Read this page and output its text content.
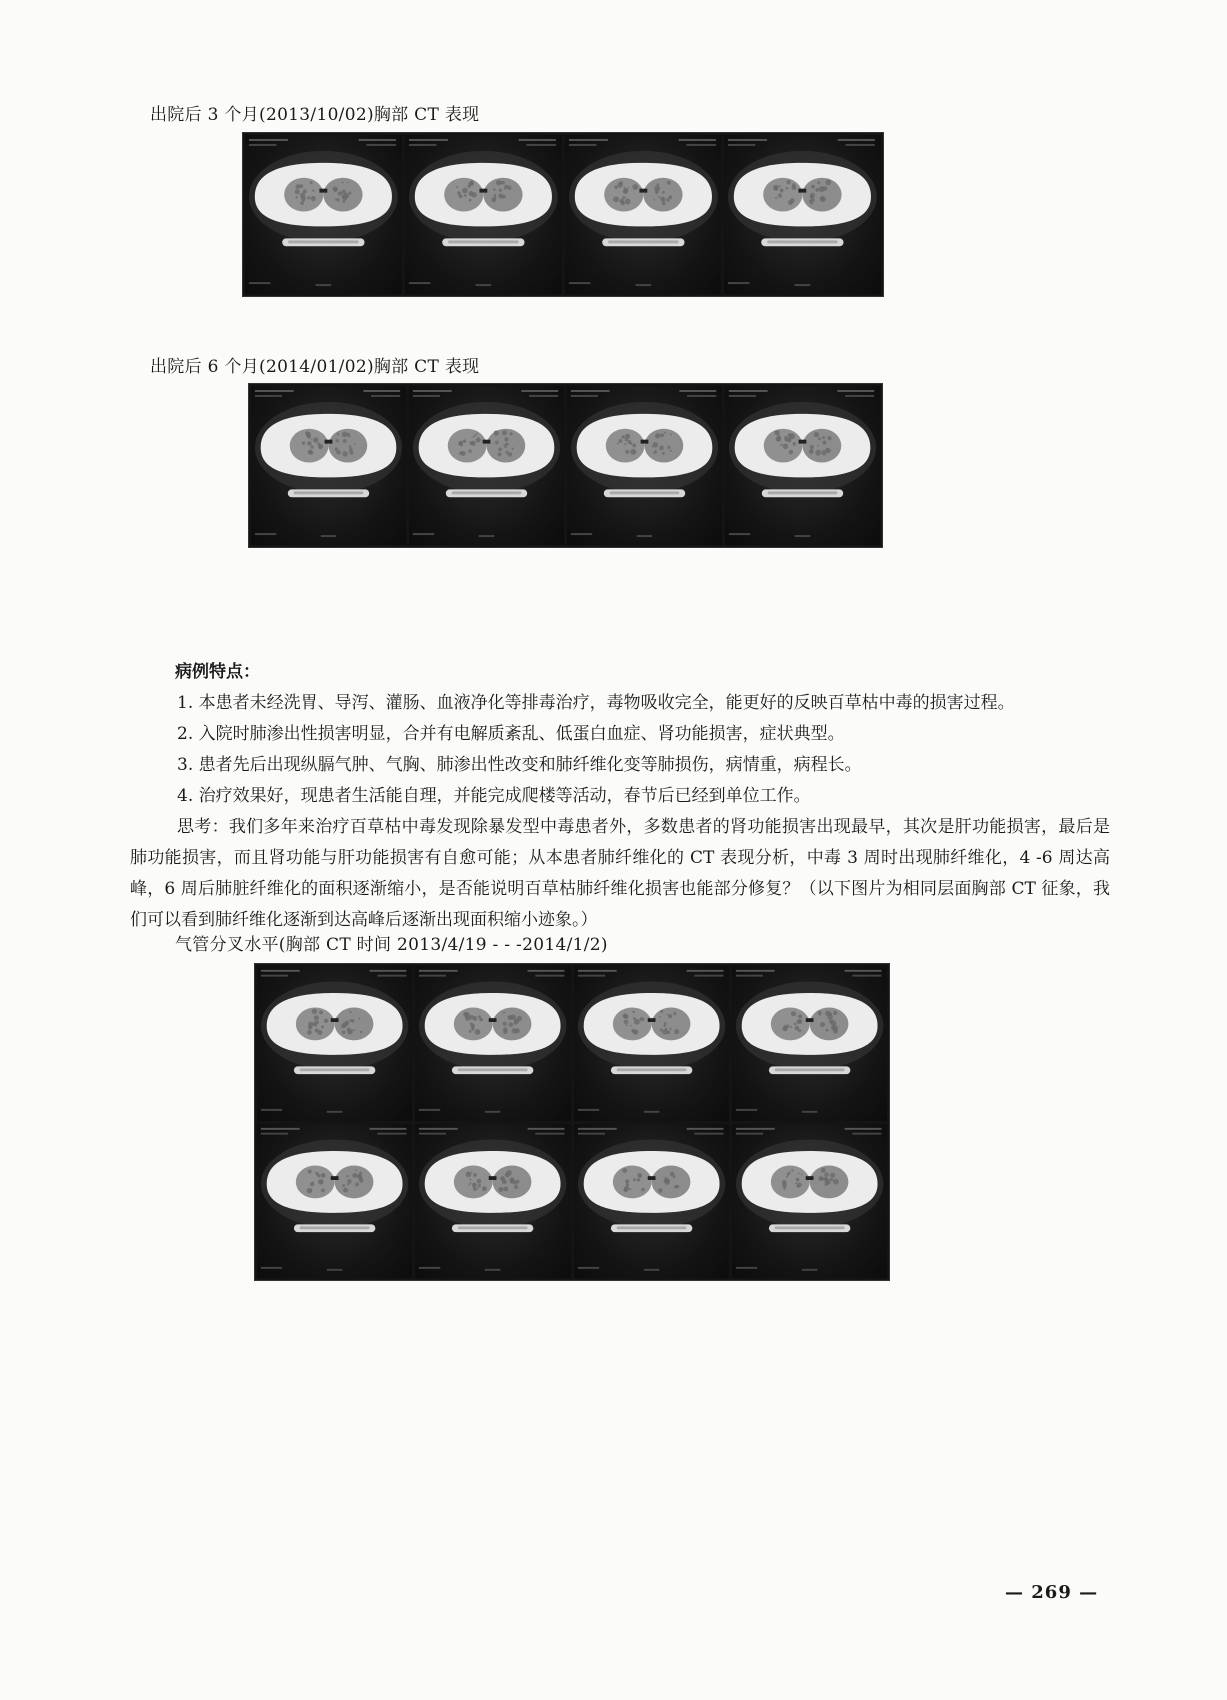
出院后 3 个月(2013/10/02)胸部 CT 表现
出院后 6 个月(2014/01/02)胸部 CT 表现
病例特点：

1. 本患者未经洗胃、导泻、灌肠、血液净化等排毒治疗，毒物吸收完全，能更好的反映百草枯中毒的损害过程。

2. 入院时肺渗出性损害明显，合并有电解质紊乱、低蛋白血症、肾功能损害，症状典型。

3. 患者先后出现纵膈气肿、气胸、肺渗出性改变和肺纤维化变等肺损伤，病情重，病程长。

4. 治疗效果好，现患者生活能自理，并能完成爬楼等活动，春节后已经到单位工作。

思考：我们多年来治疗百草枯中毒发现除暴发型中毒患者外，多数患者的肾功能损害出现最早，其次是肝功能损害，最后是肺功能损害，而且肾功能与肝功能损害有自愈可能；从本患者肺纤维化的 CT 表现分析，中毒 3 周时出现肺纤维化，4 -6 周达高峰，6 周后肺脏纤维化的面积逐渐缩小，是否能说明百草枯肺纤维化损害也能部分修复？（以下图片为相同层面胸部 CT 征象，我们可以看到肺纤维化逐渐到达高峰后逐渐出现面积缩小迹象。）

气管分叉水平(胸部 CT 时间 2013/4/19 - - -2014/1/2)
— 269 —
